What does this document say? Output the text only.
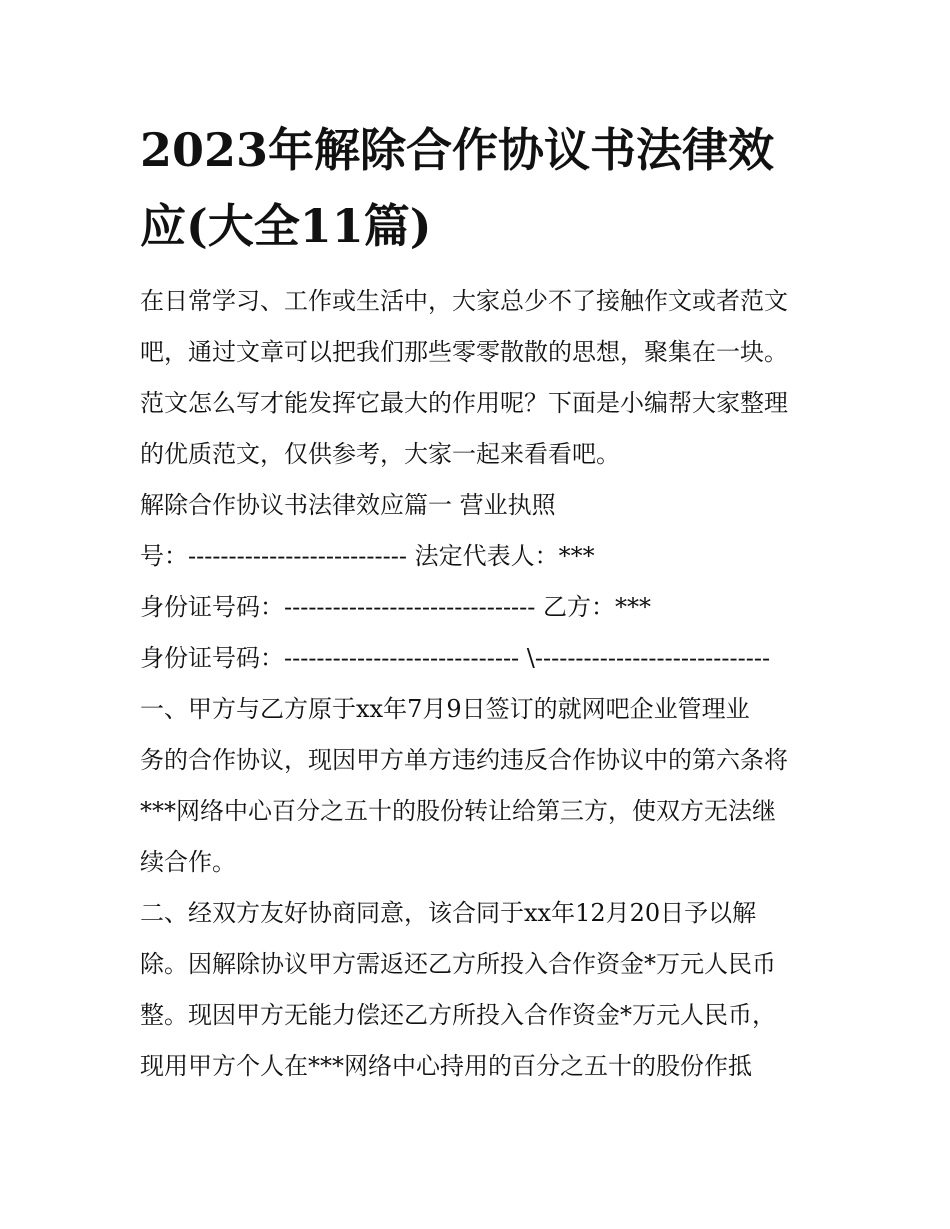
2023年解除合作协议书法律效
应(大全11篇)

在日常学习、工作或生活中，大家总少不了接触作文或者范文
吧，通过文章可以把我们那些零零散散的思想，聚集在一块。
范文怎么写才能发挥它最大的作用呢？下面是小编帮大家整理
的优质范文，仅供参考，大家一起来看看吧。

解除合作协议书法律效应篇一 营业执照

号：--------------------------- 法定代表人：***

身份证号码：------------------------------- 乙方：***

身份证号码：----------------------------- \-----------------------------

一、甲方与乙方原于xx年7月9日签订的就网吧企业管理业
务的合作协议，现因甲方单方违约违反合作协议中的第六条将
***网络中心百分之五十的股份转让给第三方，使双方无法继
续合作。

二、经双方友好协商同意，该合同于xx年12月20日予以解
除。因解除协议甲方需返还乙方所投入合作资金*万元人民币
整。现因甲方无能力偿还乙方所投入合作资金*万元人民币，
现用甲方个人在***网络中心持用的百分之五十的股份作抵
